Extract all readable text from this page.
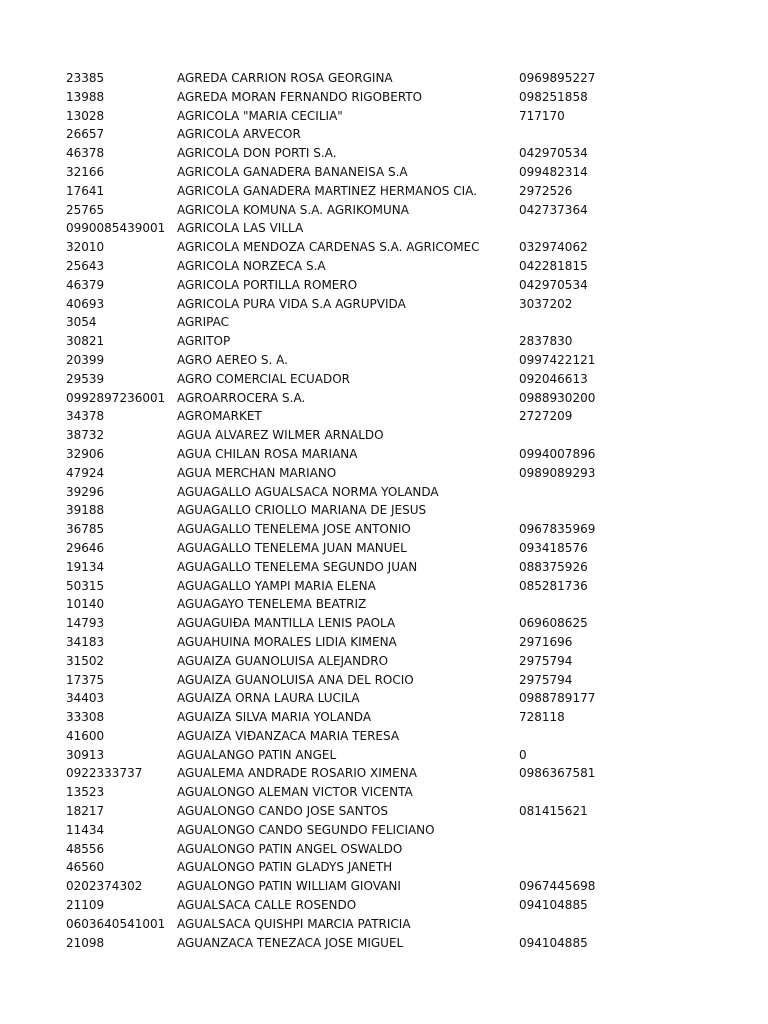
23385	AGREDA CARRION ROSA GEORGINA	0969895227
13988	AGREDA MORAN FERNANDO RIGOBERTO	098251858
13028	AGRICOLA "MARIA CECILIA"	717170
26657	AGRICOLA ARVECOR
46378	AGRICOLA DON PORTI S.A.	042970534
32166	AGRICOLA GANADERA BANANEISA S.A	099482314
17641	AGRICOLA GANADERA MARTINEZ HERMANOS CIA.	2972526
25765	AGRICOLA KOMUNA S.A. AGRIKOMUNA	042737364
0990085439001 AGRICOLA LAS VILLA
32010	AGRICOLA MENDOZA CARDENAS S.A. AGRICOMEC	032974062
25643	AGRICOLA NORZECA S.A	042281815
46379	AGRICOLA PORTILLA ROMERO	042970534
40693	AGRICOLA PURA VIDA S.A AGRUPVIDA	3037202
3054	AGRIPAC
30821	AGRITOP	2837830
20399	AGRO AEREO S. A.	0997422121
29539	AGRO COMERCIAL ECUADOR	092046613
0992897236001 AGROARROCERA S.A.	0988930200
34378	AGROMARKET	2727209
38732	AGUA ALVAREZ WILMER ARNALDO
32906	AGUA CHILAN ROSA MARIANA	0994007896
47924	AGUA MERCHAN MARIANO	0989089293
39296	AGUAGALLO AGUALSACA NORMA YOLANDA
39188	AGUAGALLO CRIOLLO MARIANA DE JESUS
36785	AGUAGALLO TENELEMA JOSE ANTONIO	0967835969
29646	AGUAGALLO TENELEMA JUAN MANUEL	093418576
19134	AGUAGALLO TENELEMA SEGUNDO JUAN	088375926
50315	AGUAGALLO YAMPI MARIA ELENA	085281736
10140	AGUAGAYO TENELEMA BEATRIZ
14793	AGUAGUIÐA MANTILLA LENIS PAOLA	069608625
34183	AGUAHUINA MORALES LIDIA KIMENA	2971696
31502	AGUAIZA GUANOLUISA ALEJANDRO	2975794
17375	AGUAIZA GUANOLUISA ANA DEL ROCIO	2975794
34403	AGUAIZA ORNA LAURA LUCILA	0988789177
33308	AGUAIZA SILVA MARIA YOLANDA	728118
41600	AGUAIZA VIÐANZACA MARIA TERESA
30913	AGUALANGO PATIN ANGEL	0
0922333737	AGUALEMA ANDRADE ROSARIO XIMENA	0986367581
13523	AGUALONGO ALEMAN VICTOR VICENTA
18217	AGUALONGO CANDO JOSE SANTOS	081415621
11434	AGUALONGO CANDO SEGUNDO FELICIANO
48556	AGUALONGO PATIN ANGEL OSWALDO
46560	AGUALONGO PATIN GLADYS JANETH
0202374302	AGUALONGO PATIN WILLIAM GIOVANI	0967445698
21109	AGUALSACA CALLE ROSENDO	094104885
0603640541001 AGUALSACA QUISHPI MARCIA PATRICIA
21098	AGUANZACA TENEZACA JOSE MIGUEL	094104885
